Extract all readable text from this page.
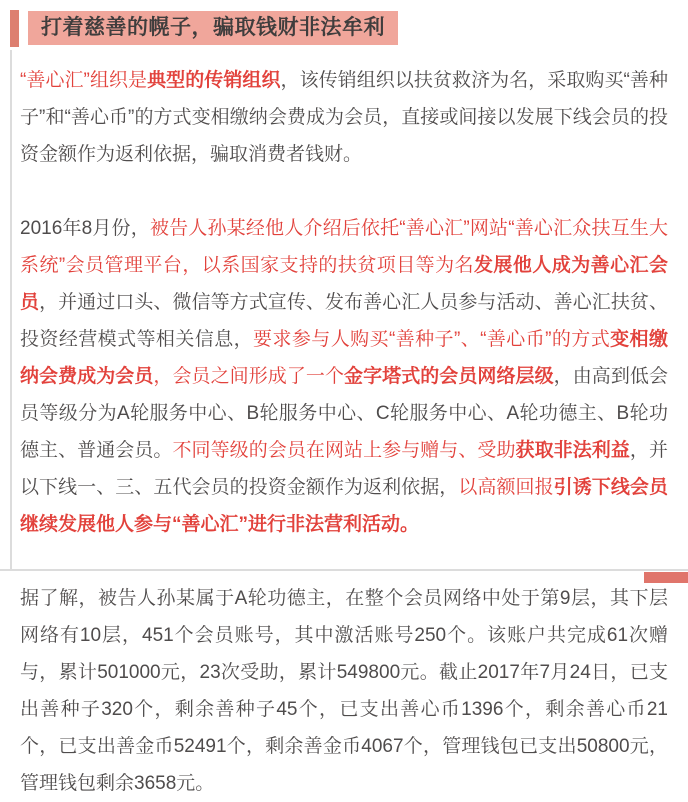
打着慈善的幌子，骗取钱财非法牟利

“善心汇”组织是典型的传销组织，该传销组织以扶贫救济为名，采取购买“善种子”和“善心币”的方式变相缴纳会费成为会员，直接或间接以发展下线会员的投资金额作为返利依据，骗取消费者钱财。

2016年8月份，被告人孙某经他人介绍后依托“善心汇”网站“善心汇众扶互生大系统”会员管理平台，以系国家支持的扶贫项目等为名发展他人成为善心汇会员，并通过口头、微信等方式宣传、发布善心汇人员参与活动、善心汇扶贫、投资经营模式等相关信息，要求参与人购买“善种子”、“善心币”的方式变相缴纳会费成为会员，会员之间形成了一个金字塔式的会员网络层级，由高到低会员等级分为A轮服务中心、B轮服务中心、C轮服务中心、A轮功德主、B轮功德主、普通会员。不同等级的会员在网站上参与赠与、受助获取非法利益，并以下线一、三、五代会员的投资金额作为返利依据，以高额回报引诱下线会员继续发展他人参与“善心汇”进行非法营利活动。

据了解，被告人孙某属于A轮功德主，在整个会员网络中处于第9层，其下层网络有10层，451个会员账号，其中激活账号250个。该账户共完成61次赠与，累计501000元，23次受助，累计549800元。截止2017年7月24日，已支出善种子320个，剩余善种子45个，已支出善心币1396个，剩余善心币21个，已支出善金币52491个，剩余善金币4067个，管理钱包已支出50800元，管理钱包剩余3658元。
